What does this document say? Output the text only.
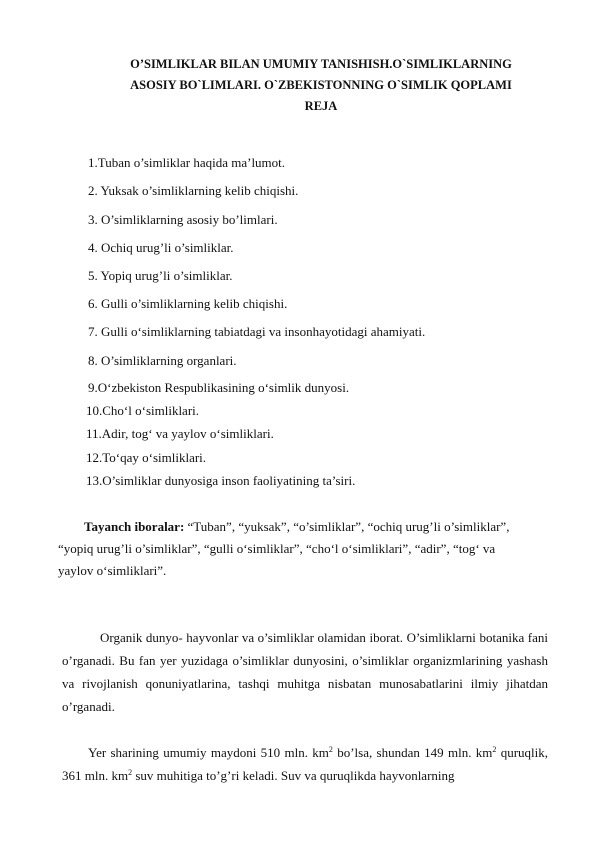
O’SIMLIKLAR BILAN UMUMIY TANISHISH.O`SIMLIKLARNING
ASOSIY BO`LIMLARI. O`ZBEKISTONNING O`SIMLIK QOPLAMI
REJA
1.Tuban o’simliklar haqida ma’lumot.
2. Yuksak o’simliklarning kelib chiqishi.
3. O’simliklarning asosiy bo’limlari.
4. Ochiq urug’li o’simliklar.
5. Yopiq urug’li o’simliklar.
6. Gulli o’simliklarning kelib chiqishi.
7. Gulli o‘simliklarning tabiatdagi va insonhayotidagi ahamiyati.
8. O’simliklarning organlari.
9.O‘zbekiston Respublikasining o‘simlik dunyosi.
10.Cho‘l o‘simliklari.
11.Adir, tog‘ va yaylov o‘simliklari.
12.To‘qay o‘simliklari.
13.O’simliklar dunyosiga inson faoliyatining ta’siri.
Tayanch iboralar: “Tuban”, “yuksak”, “o’simliklar”, “ochiq urug’li o’simliklar”,
“yopiq urug’li o’simliklar”, “gulli o‘simliklar”, “cho‘l o‘simliklari”, “adir”, “tog‘ va
yaylov o‘simliklari”.
Organik dunyo- hayvonlar va o’simliklar olamidan iborat. O’simliklarni botanika fani o’rganadi. Bu fan yer yuzidaga o’simliklar dunyosini, o’simliklar organizmlarining yashash va rivojlanish qonuniyatlarina, tashqi muhitga nisbatan munosabatlarini ilmiy jihatdan o’rganadi.
Yer sharining umumiy maydoni 510 mln. $km^2$ bo’lsa, shundan 149 mln. $km^2$ quruqlik, 361 mln. $km^2$ suv muhitiga to’g’ri keladi. Suv va quruqlikda hayvonlarning
